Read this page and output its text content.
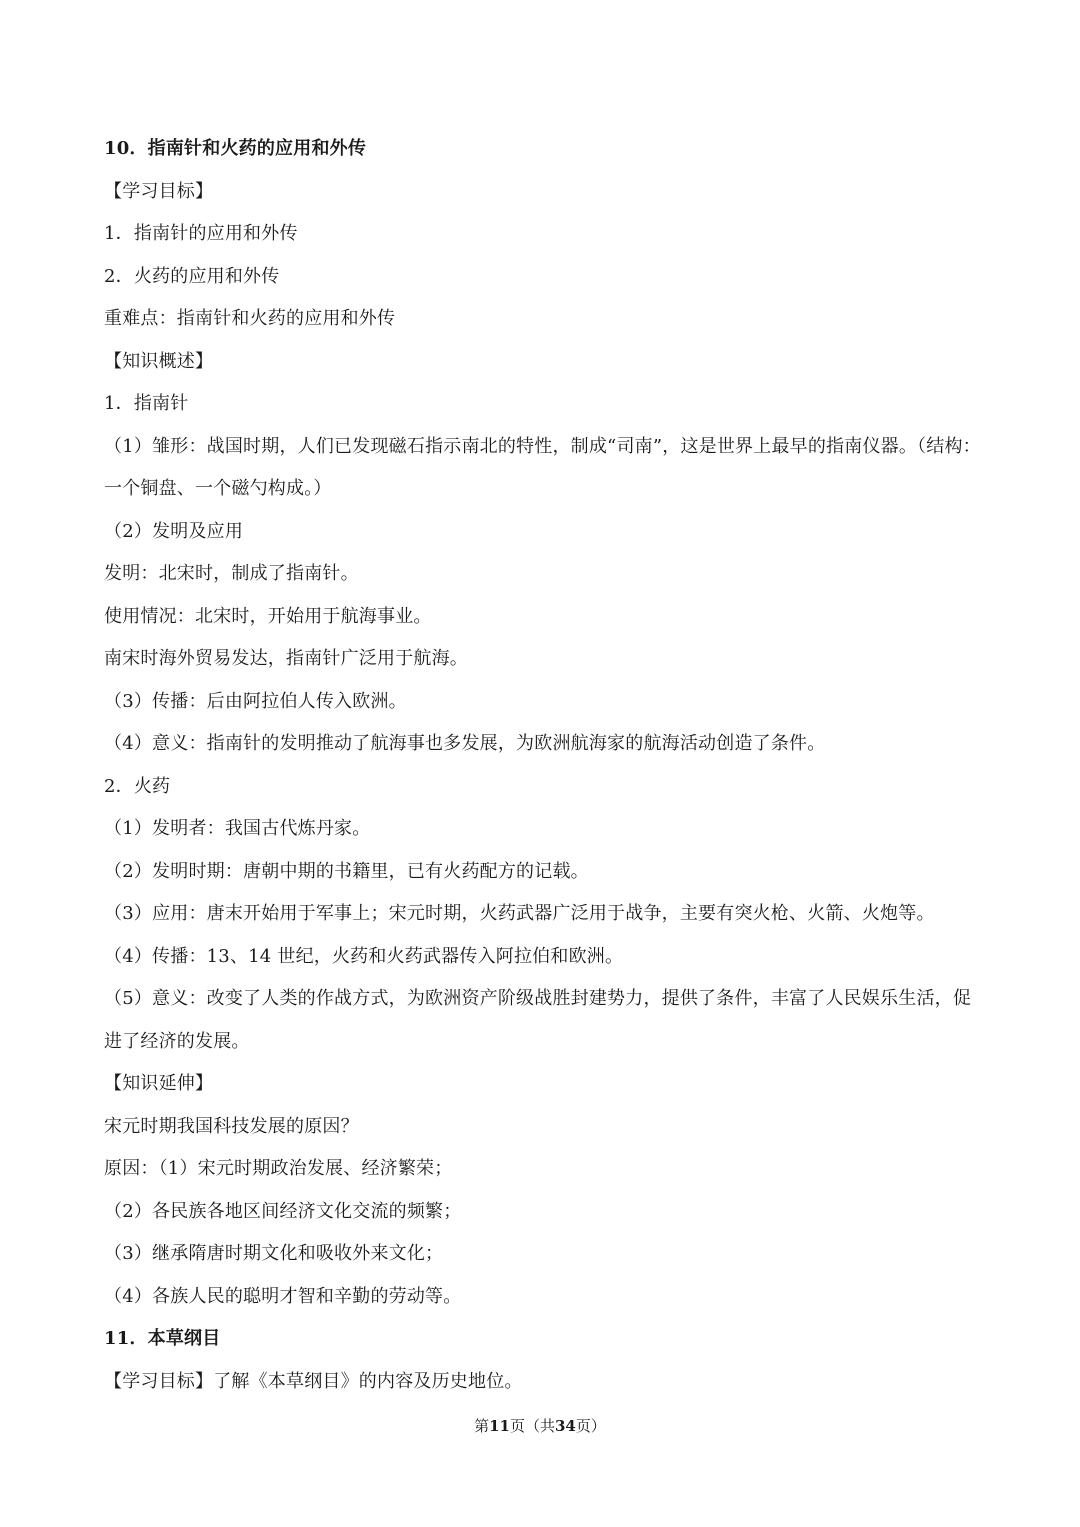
10．指南针和火药的应用和外传
【学习目标】
1．指南针的应用和外传
2．火药的应用和外传
重难点：指南针和火药的应用和外传
【知识概述】
1．指南针
（1）雏形：战国时期，人们已发现磁石指示南北的特性，制成“司南”，这是世界上最早的指南仪器。（结构：一个铜盘、一个磁勺构成。）
（2）发明及应用
发明：北宋时，制成了指南针。
使用情况：北宋时，开始用于航海事业。
南宋时海外贸易发达，指南针广泛用于航海。
（3）传播：后由阿拉伯人传入欧洲。
（4）意义：指南针的发明推动了航海事也多发展，为欧洲航海家的航海活动创造了条件。
2．火药
（1）发明者：我国古代炼丹家。
（2）发明时期：唐朝中期的书籍里，已有火药配方的记载。
（3）应用：唐末开始用于军事上；宋元时期，火药武器广泛用于战争，主要有突火枪、火箭、火炮等。
（4）传播：13、14 世纪，火药和火药武器传入阿拉伯和欧洲。
（5）意义：改变了人类的作战方式，为欧洲资产阶级战胜封建势力，提供了条件，丰富了人民娱乐生活，促进了经济的发展。
【知识延伸】
宋元时期我国科技发展的原因？
原因：（1）宋元时期政治发展、经济繁荣；
（2）各民族各地区间经济文化交流的频繁；
（3）继承隋唐时期文化和吸收外来文化；
（4）各族人民的聪明才智和辛勤的劳动等。
11．本草纲目
【学习目标】了解《本草纲目》的内容及历史地位。
第11页（共34页）
